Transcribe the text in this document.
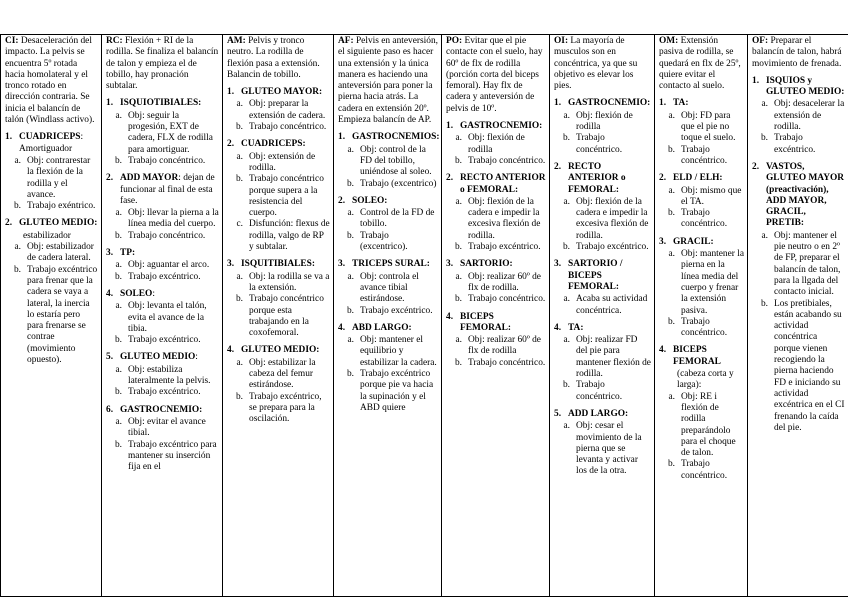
CI: Desaceleración del impacto. La pelvis se encuentra 5º rotada hacia homolateral y el tronco rotado en dirección contraria. Se inicia el balancín de talón (Windlass activo).
1. CUADRICEPS: Amortiguador
a. Obj: contrarestar la flexión de la rodilla y el avance.
b. Trabajo exéntrico.
2. GLUTEO MEDIO:
estabilizador
a. Obj: estabilizador de cadera lateral.
b. Trabajo excéntrico para frenar que la cadera se vaya a lateral, la inercia lo estaría pero para frenarse se contrae (movimiento opuesto).

RC: Flexión + RI de la rodilla. Se finaliza el balancín de talon y empieza el de tobillo, hay pronación subtalar.
1. ISQUIOTIBIALES:
a. Obj: seguir la progesión, EXT de cadera, FLX de rodilla para amortiguar.
b. Trabajo concéntrico.
2. ADD MAYOR: dejan de funcionar al final de esta fase.
a. Obj: llevar la pierna a la línea media del cuerpo.
b. Trabajo concéntrico.
3. TP:
a. Obj: aguantar el arco.
b. Trabajo excéntrico.
4. SOLEO:
a. Obj: levanta el talón, evita el avance de la tibia.
b. Trabajo excéntrico.
5. GLUTEO MEDIO:
a. Obj: estabiliza lateralmente la pelvis.
b. Trabajo excéntrico.
6. GASTROCNEMIO:
a. Obj: evitar el avance tibial.
b. Trabajo excéntrico para mantener su inserción fija en el

AM: Pelvis y tronco neutro. La rodilla de flexión pasa a extensión. Balancin de tobillo.
1. GLUTEO MAYOR:
a. Obj: preparar la extensión de cadera.
b. Trabajo concéntrico.
2. CUADRICEPS:
a. Obj: extensión de rodilla.
b. Trabajo concéntrico porque supera a la resistencia del cuerpo.
c. Disfunción: flexus de rodilla, valgo de RP y subtalar.
3. ISQUITIBIALES:
a. Obj: la rodilla se va a la extensión.
b. Trabajo concéntrico porque esta trabajando en la coxofemoral.
4. GLUTEO MEDIO:
a. Obj: estabilizar la cabeza del femur estirándose.
b. Trabajo excéntrico, se prepara para la oscilación.

AF: Pelvis en anteversión, el siguiente paso es hacer una extensión y la única manera es haciendo una anteversión para poner la pierna hacia atrás. La cadera en extensión 20º. Empieza balancín de AP.
1. GASTROCNEMIOS:
a. Obj: control de la FD del tobillo, uniéndose al soleo.
b. Trabajo (excentrico)
2. SOLEO:
a. Control de la FD de tobillo.
b. Trabajo (excentrico).
3. TRICEPS SURAL:
a. Obj: controla el avance tibial estirándose.
b. Trabajo excéntrico.
4. ABD LARGO:
a. Obj: mantener el equilibrio y estabilizar la cadera.
b. Trabajo excéntrico porque pie va hacia la supinación y el ABD quiere

PO: Evitar que el pie contacte con el suelo, hay 60º de flx de rodilla (porción corta del biceps femoral). Hay flx de cadera y anteversión de pelvis de 10º.
1. GASTROCNEMIO:
a. Obj: flexión de rodilla
b. Trabajo concéntrico.
2. RECTO ANTERIOR o FEMORAL:
a. Obj: flexión de la cadera e impedir la excesiva flexión de rodilla.
b. Trabajo excéntrico.
3. SARTORIO:
a. Obj: realizar 60º de flx de rodilla.
b. Trabajo concéntrico.
4. BICEPS FEMORAL:
a. Obj: realizar 60º de flx de rodilla
b. Trabajo concéntrico.

OI: La mayoría de musculos son en concéntrica, ya que su objetivo es elevar los pies.
1. GASTROCNEMIO:
a. Obj: flexión de rodilla
b. Trabajo concéntrico.
2. RECTO ANTERIOR o FEMORAL:
a. Obj: flexión de la cadera e impedir la excesiva flexión de rodilla.
b. Trabajo excéntrico.
3. SARTORIO / BICEPS FEMORAL:
a. Acaba su actividad concéntrica.
4. TA:
a. Obj: realizar FD del pie para mantener flexión de rodilla.
b. Trabajo concéntrico.
5. ADD LARGO:
a. Obj: cesar el movimiento de la pierna que se levanta y activar los de la otra.

OM: Extensión pasiva de rodilla, se quedará en flx de 25º, quiere evitar el contacto al suelo.
1. TA:
a. Obj: FD para que el pie no toque el suelo.
b. Trabajo concéntrico.
2. ELD / ELH:
a. Obj: mismo que el TA.
b. Trabajo concéntrico.
3. GRACIL:
a. Obj: mantener la pierna en la línea media del cuerpo y frenar la extensión pasiva.
b. Trabajo concéntrico.
4. BICEPS FEMORAL
(cabeza corta y larga):
a. Obj: RE i flexión de rodilla preparándolo para el choque de talon.
b. Trabajo concéntrico.

OF: Preparar el balancín de talon, habrá movimiento de frenada.
1. ISQUIOS y GLUTEO MEDIO:
a. Obj: desacelerar la extensión de rodilla.
b. Trabajo excéntrico.
2. VASTOS, GLUTEO MAYOR (preactivación), ADD MAYOR, GRACIL, PRETIB:
a. Obj: mantener el pie neutro o en 2º de FP, preparar el balancín de talon, para la llgada del contacto inicial.
b. Los pretibiales, están acabando su actividad concéntrica porque vienen recogiendo la pierna haciendo FD e iniciando su actividad excéntrica en el CI frenando la caída del pie.
